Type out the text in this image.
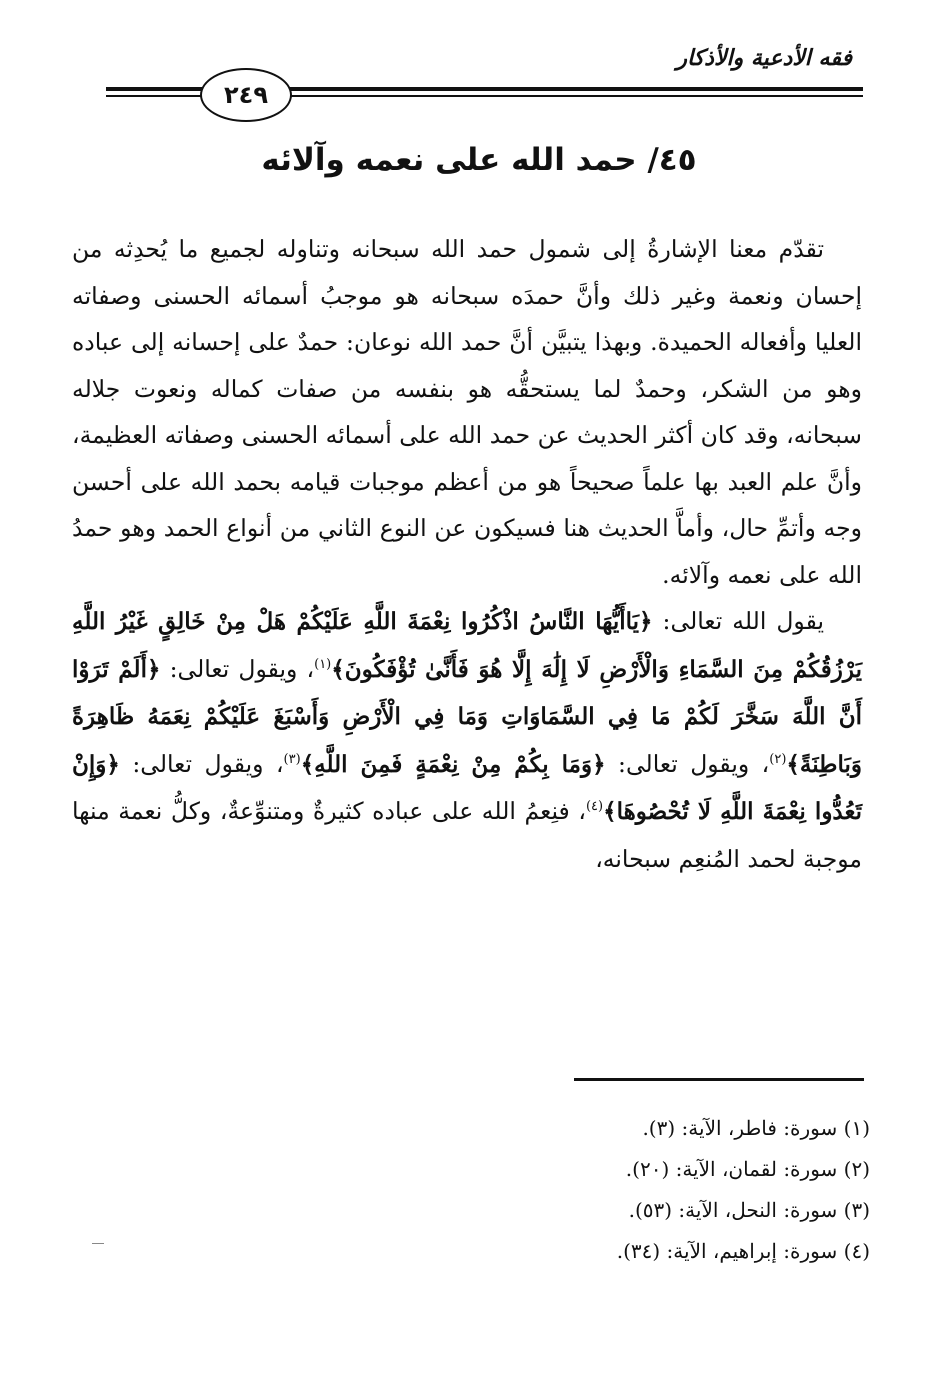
فقه الأدعية والأذكار
٢٤٩
٤٥/ حمد الله على نعمه وآلائه

تقدّم معنا الإشارةُ إلى شمول حمد الله سبحانه وتناوله لجميع ما يُحدِثه من إحسان ونعمة وغير ذلك وأنَّ حمدَه سبحانه هو موجبُ أسمائه الحسنى وصفاته العليا وأفعاله الحميدة. وبهذا يتبيَّن أنَّ حمد الله نوعان: حمدٌ على إحسانه إلى عباده وهو من الشكر، وحمدٌ لما يستحقُّه هو بنفسه من صفات كماله ونعوت جلاله سبحانه، وقد كان أكثر الحديث عن حمد الله على أسمائه الحسنى وصفاته العظيمة، وأنَّ علم العبد بها علماً صحيحاً هو من أعظم موجبات قيامه بحمد الله على أحسن وجه وأتمِّ حال، وأماَّ الحديث هنا فسيكون عن النوع الثاني من أنواع الحمد وهو حمدُ الله على نعمه وآلائه.

يقول الله تعالى: ﴿يَاأَيُّهَا النَّاسُ اذْكُرُوا نِعْمَةَ اللَّهِ عَلَيْكُمْ هَلْ مِنْ خَالِقٍ غَيْرُ اللَّهِ يَرْزُقُكُمْ مِنَ السَّمَاءِ وَالْأَرْضِ لَا إِلَٰهَ إِلَّا هُوَ فَأَنَّىٰ تُؤْفَكُونَ﴾$^{(١)}$، ويقول تعالى: ﴿أَلَمْ تَرَوْا أَنَّ اللَّهَ سَخَّرَ لَكُمْ مَا فِي السَّمَاوَاتِ وَمَا فِي الْأَرْضِ وَأَسْبَغَ عَلَيْكُمْ نِعَمَهُ ظَاهِرَةً وَبَاطِنَةً﴾$^{(٢)}$، ويقول تعالى: ﴿وَمَا بِكُمْ مِنْ نِعْمَةٍ فَمِنَ اللَّهِ﴾$^{(٣)}$، ويقول تعالى: ﴿وَإِنْ تَعُدُّوا نِعْمَةَ اللَّهِ لَا تُحْصُوهَا﴾$^{(٤)}$، فنِعمُ الله على عباده كثيرةٌ ومتنوِّعةٌ، وكلُّ نعمة منها موجبة لحمد المُنعِم سبحانه،

(١) سورة: فاطر، الآية: (٣).
(٢) سورة: لقمان، الآية: (٢٠).
(٣) سورة: النحل، الآية: (٥٣).
(٤) سورة: إبراهيم، الآية: (٣٤).
